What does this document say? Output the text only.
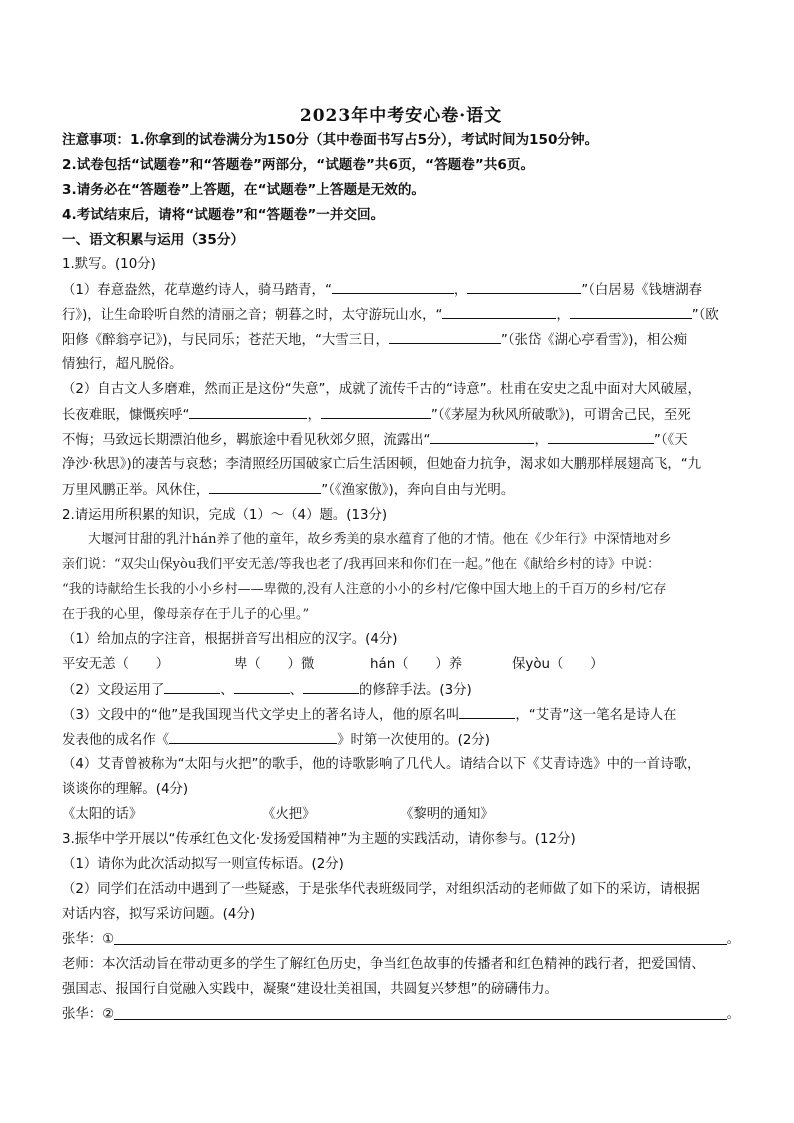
2023年中考安心卷·语文
注意事项：1.你拿到的试卷满分为150分（其中卷面书写占5分），考试时间为150分钟。
2.试卷包括“试题卷”和“答题卷”两部分，“试题卷”共6页，“答题卷”共6页。
3.请务必在“答题卷”上答题，在“试题卷”上答题是无效的。
4.考试结束后，请将“试题卷”和“答题卷”一并交回。
一、语文积累与运用（35分）
1.默写。(10分)
（1）春意盎然，花草邀约诗人，骑马踏青，“	，	”（白居易《钱塘湖春
行》)，让生命聆听自然的清丽之音；朝暮之时，太守游玩山水，“	，	”（欧
阳修《醉翁亭记》)，与民同乐；苍茫天地，“大雪三日，	”（张岱《湖心亭看雪》)，相公痴
情独行，超凡脱俗。
（2）自古文人多磨难，然而正是这份“失意”，成就了流传千古的“诗意”。杜甫在安史之乱中面对大风破屋，
长夜难眠，慷慨疾呼“	，	”（《茅屋为秋风所破歌》)，可谓舍己民，至死
不悔；马致远长期漂泊他乡，羁旅途中看见秋郊夕照，流露出“	，	”（《天
净沙·秋思》)的凄苦与哀愁；李清照经历国破家亡后生活困顿，但她奋力抗争，渴求如大鹏那样展翅高飞，“九
万里风鹏正举。风休住，	”（《渔家傲》)，奔向自由与光明。
2.请运用所积累的知识，完成（1）～（4）题。(13分)
大堰河甘甜的乳汁hán养了他的童年，故乡秀美的泉水蕴育了他的才情。他在《少年行》中深情地对乡
亲们说：“双尖山保yòu我们平安无恙/等我也老了/我再回来和你们在一起。”他在《献给乡村的诗》中说：
“我的诗献给生长我的小小乡村——卑微的,没有人注意的小小的乡村/它像中国大地上的千百万的乡村/它存
在于我的心里，像母亲存在于儿子的心里。”
（1）给加点的字注音，根据拼音写出相应的汉字。(4分)
平安无恙（　　）	卑（　　）微	hán（　　）养	保yòu（　　）
（2）文段运用了	、	、	的修辞手法。(3分)
（3）文段中的“他”是我国现当代文学史上的著名诗人，他的原名叫	，“艾青”这一笔名是诗人在
发表他的成名作《	》时第一次使用的。(2分)
（4）艾青曾被称为“太阳与火把”的歌手，他的诗歌影响了几代人。请结合以下《艾青诗选》中的一首诗歌，
谈谈你的理解。(4分)
《太阳的话》	《火把》	《黎明的通知》
3.振华中学开展以“传承红色文化·发扬爱国精神”为主题的实践活动，请你参与。(12分)
（1）请你为此次活动拟写一则宣传标语。(2分)
（2）同学们在活动中遇到了一些疑惑，于是张华代表班级同学，对组织活动的老师做了如下的采访，请根据
对话内容，拟写采访问题。(4分)
张华：①	。
老师：本次活动旨在带动更多的学生了解红色历史，争当红色故事的传播者和红色精神的践行者，把爱国情、
强国志、报国行自觉融入实践中，凝聚“建设壮美祖国，共圆复兴梦想”的磅礴伟力。
张华：②	。
